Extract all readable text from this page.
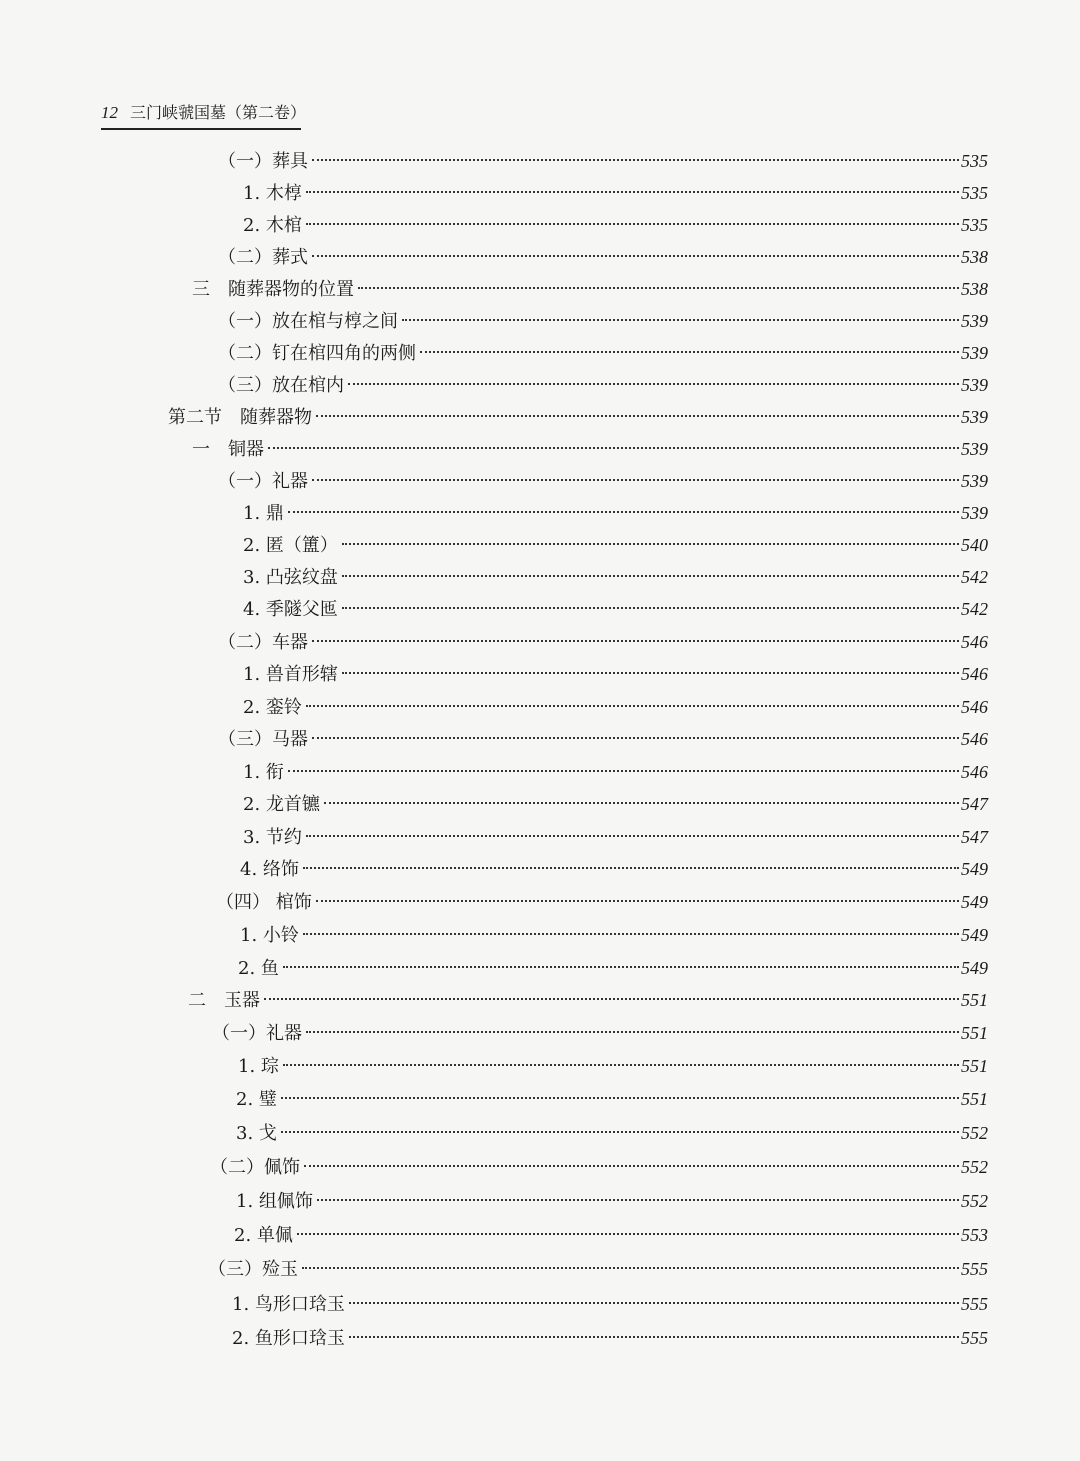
12 三门峡虢国墓（第二卷）
（一）葬具	535
1. 木椁	535
2. 木棺	535
（二）葬式	538
三　随葬器物的位置	538
（一）放在棺与椁之间	539
（二）钉在棺四角的两侧	539
（三）放在棺内	539
第二节　随葬器物	539
一　铜器	539
（一）礼器	539
1. 鼎	539
2. 匿（簠）	540
3. 凸弦纹盘	542
4. 季隧父匜	542
（二）车器	546
1. 兽首形辖	546
2. 銮铃	546
（三）马器	546
1. 衔	546
2. 龙首镳	547
3. 节约	547
4. 络饰	549
（四） 棺饰	549
1. 小铃	549
2. 鱼	549
二　玉器	551
（一）礼器	551
1. 琮	551
2. 璧	551
3. 戈	552
（二）佩饰	552
1. 组佩饰	552
2. 单佩	553
（三）殓玉	555
1. 鸟形口琀玉	555
2. 鱼形口琀玉	555
